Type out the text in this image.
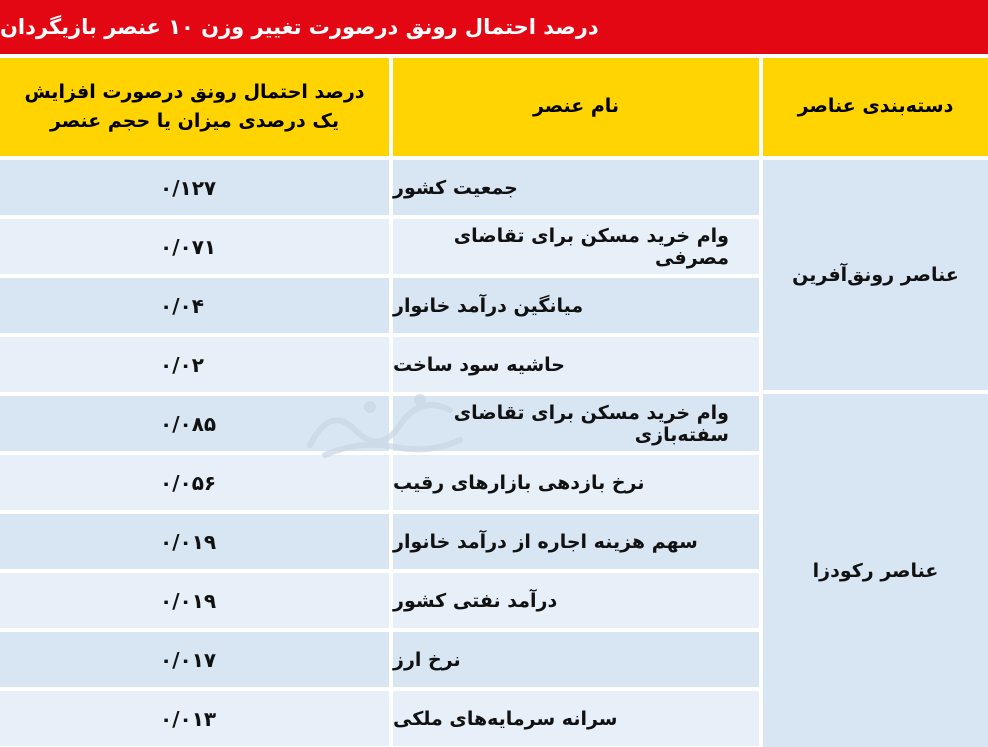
درصد احتمال رونق درصورت تغییر وزن ۱۰ عنصر بازیگردان
دسته‌بندی عناصر
نام عنصر
درصد احتمال رونق درصورت افزایش
یک درصدی میزان یا حجم عنصر
عناصر رونق‌آفرین
عناصر رکودزا
جمعیت کشور
۰/۱۲۷
وام خرید مسکن برای تقاضای مصرفی
۰/۰۷۱
میانگین درآمد خانوار
۰/۰۴
حاشیه سود ساخت
۰/۰۲
وام خرید مسکن برای تقاضای سفته‌بازی
۰/۰۸۵
نرخ بازدهی بازارهای رقیب
۰/۰۵۶
سهم هزینه اجاره از درآمد خانوار
۰/۰۱۹
درآمد نفتی کشور
۰/۰۱۹
نرخ ارز
۰/۰۱۷
سرانه سرمایه‌های ملکی
۰/۰۱۳
